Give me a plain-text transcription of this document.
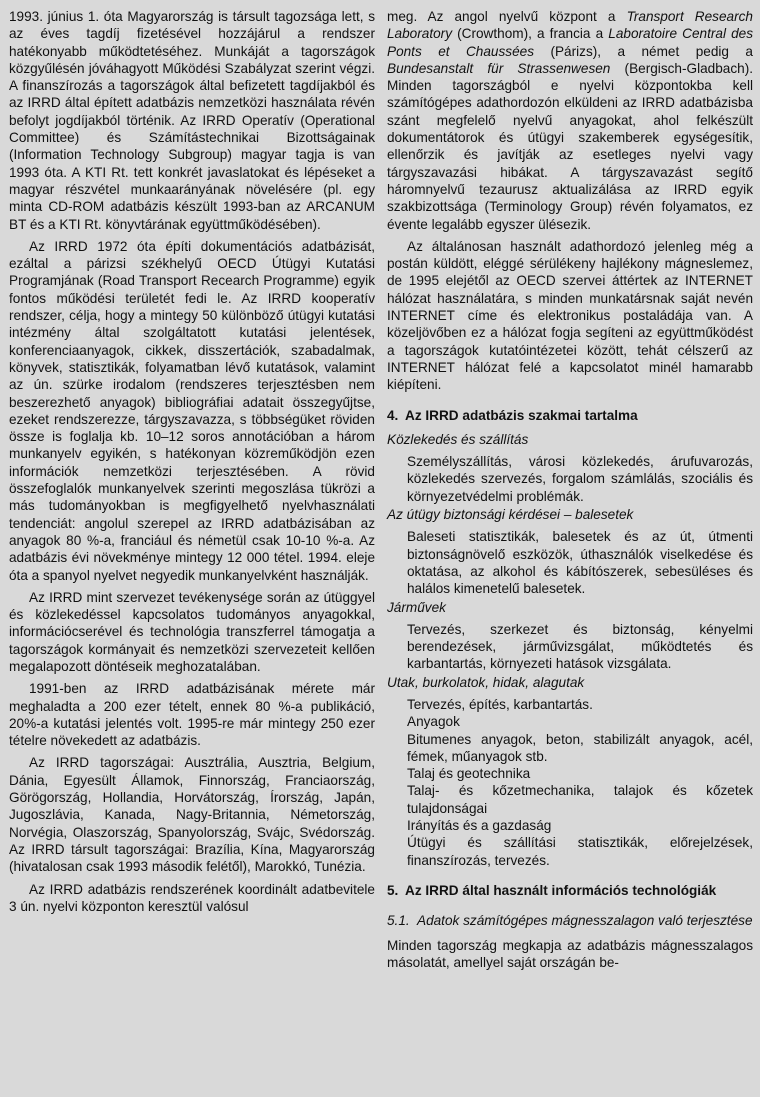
1993. június 1. óta Magyarország is társult tagozsága lett, s az éves tagdíj fizetésével hozzájárul a rendszer hatékonyabb működtetéséhez. Munkáját a tagországok közgyűlésén jóváhagyott Működési Szabályzat szerint végzi. A finanszírozás a tagországok által befizetett tagdíjakból és az IRRD által épített adatbázis nemzetközi használata révén befolyt jogdíjakból történik. Az IRRD Operatív (Operational Committee) és Számítástechnikai Bizottságainak (Information Technology Subgroup) magyar tagja is van 1993 óta. A KTI Rt. tett konkrét javaslatokat és lépéseket a magyar részvétel munkaarányának növelésére (pl. egy minta CD-ROM adatbázis készült 1993-ban az ARCANUM BT és a KTI Rt. könyvtárának együttműködésében).

Az IRRD 1972 óta építi dokumentációs adatbázisát, ezáltal a párizsi székhelyű OECD Útügyi Kutatási Programjának (Road Transport Recearch Programme) egyik fontos működési területét fedi le. Az IRRD kooperatív rendszer, célja, hogy a mintegy 50 különböző útügyi kutatási intézmény által szolgáltatott kutatási jelentések, konferenciaanyagok, cikkek, disszertációk, szabadalmak, könyvek, statisztikák, folyamatban lévő kutatások, valamint az ún. szürke irodalom (rendszeres terjesztésben nem beszerezhető anyagok) bibliográfiai adatait összegyűjtse, ezeket rendszerezze, tárgyszavazza, s többségüket röviden össze is foglalja kb. 10–12 soros annotációban a három munkanyelv egyikén, s hatékonyan közreműködjön ezen információk nemzetközi terjesztésében. A rövid összefoglalók munkanyelvek szerinti megoszlása tükrözi a más tudományokban is megfigyelhető nyelvhasználati tendenciát: angolul szerepel az IRRD adatbázisában az anyagok 80 %-a, franciául és németül csak 10-10 %-a. Az adatbázis évi növekménye mintegy 12 000 tétel. 1994. eleje óta a spanyol nyelvet negyedik munkanyelvként használják.

Az IRRD mint szervezet tevékenysége során az útüggyel és közlekedéssel kapcsolatos tudományos anyagokkal, információcserével és technológia transzferrel támogatja a tagországok kormányait és nemzetközi szervezeteit kellően megalapozott döntéseik meghozatalában.

1991-ben az IRRD adatbázisának mérete már meghaladta a 200 ezer tételt, ennek 80 %-a publikáció, 20%-a kutatási jelentés volt. 1995-re már mintegy 250 ezer tételre növekedett az adatbázis.

Az IRRD tagországai: Ausztrália, Ausztria, Belgium, Dánia, Egyesült Államok, Finnország, Franciaország, Görögország, Hollandia, Horvátország, Írország, Japán, Jugoszlávia, Kanada, Nagy-Britannia, Németország, Norvégia, Olaszország, Spanyolország, Svájc, Svédország. Az IRRD társult tagországai: Brazília, Kína, Magyarország (hivatalosan csak 1993 második felétől), Marokkó, Tunézia.

Az IRRD adatbázis rendszerének koordinált adatbevitele 3 ún. nyelvi központon keresztül valósul

meg. Az angol nyelvű központ a Transport Research Laboratory (Crowthom), a francia a Laboratoire Central des Ponts et Chaussées (Párizs), a német pedig a Bundesanstalt für Strassenwesen (Bergisch-Gladbach). Minden tagországból e nyelvi központokba kell számítógépes adathordozón elküldeni az IRRD adatbázisba szánt megfelelő nyelvű anyagokat, ahol felkészült dokumentátorok és útügyi szakemberek egységesítik, ellenőrzik és javítják az esetleges nyelvi vagy tárgyszavazási hibákat. A tárgyszavazást segítő háromnyelvű tezaurusz aktualizálása az IRRD egyik szakbizottsága (Terminology Group) révén folyamatos, ez évente legalább egyszer ülésezik.

Az általánosan használt adathordozó jelenleg még a postán küldött, eléggé sérülékeny hajlékony mágneslemez, de 1995 elejétől az OECD szervei áttértek az INTERNET hálózat használatára, s minden munkatársnak saját nevén INTERNET címe és elektronikus postaládája van. A közeljövőben ez a hálózat fogja segíteni az együttműködést a tagországok kutatóintézetei között, tehát célszerű az INTERNET hálózat felé a kapcsolatot minél hamarabb kiépíteni.

4. Az IRRD adatbázis szakmai tartalma

Közlekedés és szállítás

Személyszállítás, városi közlekedés, árufuvarozás, közlekedés szervezés, forgalom számlálás, szociális és környezetvédelmi problémák.

Az útügy biztonsági kérdései – balesetek

Baleseti statisztikák, balesetek és az út, útmenti biztonságnövelő eszközök, úthasználók viselkedése és oktatása, az alkohol és kábítószerek, sebesüléses és halálos kimenetelű balesetek.

Járművek

Tervezés, szerkezet és biztonság, kényelmi berendezések, járművizsgálat, működtetés és karbantartás, környezeti hatások vizsgálata.

Utak, burkolatok, hidak, alagutak

Tervezés, építés, karbantartás.

Anyagok

Bitumenes anyagok, beton, stabilizált anyagok, acél, fémek, műanyagok stb.

Talaj és geotechnika

Talaj- és kőzetmechanika, talajok és kőzetek tulajdonságai

Irányítás és a gazdaság

Útügyi és szállítási statisztikák, előrejelzések, finanszírozás, tervezés.

5. Az IRRD által használt információs technológiák
5.1. Adatok számítógépes mágnesszalagon való terjesztése

Minden tagország megkapja az adatbázis mágnesszalagos másolatát, amellyel saját országán be-
